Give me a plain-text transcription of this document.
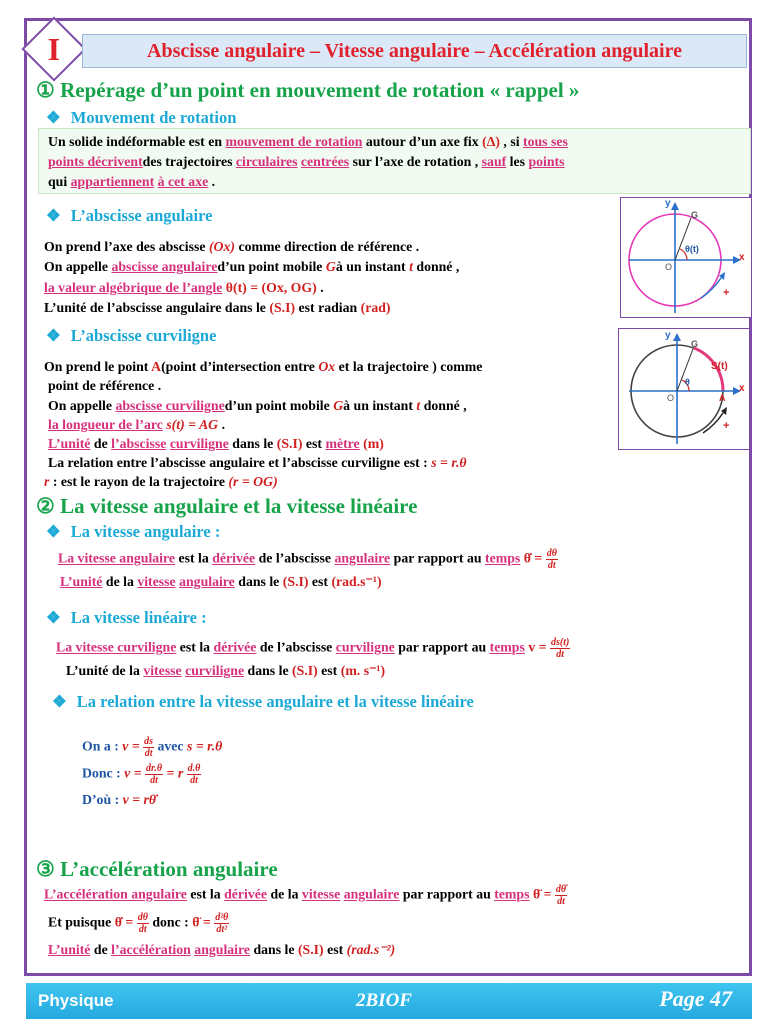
I	Abscisse angulaire – Vitesse angulaire – Accélération angulaire
① Repérage d’un point en mouvement de rotation « rappel »
❖ Mouvement de rotation
Un solide indéformable est en mouvement de rotation autour d’un axe fix (Δ) , si tous ses
points décriventdes trajectoires circulaires centrées sur l’axe de rotation , sauf les points
qui appartiennent à cet axe .
❖ L’abscisse angulaire
On prend l’axe des abscisse (Ox) comme direction de référence .
On appelle abscisse angulaired’un point mobile Gà un instant t donné ,
la valeur algébrique de l’angle θ(t) = (Ox, OG) .
L’unité de l’abscisse angulaire dans le (S.I) est radian (rad)
y
x
G
O
θ(t)
+
❖ L’abscisse curviligne
On prend le point A(point d’intersection entre Ox et la trajectoire ) comme
point de référence .
On appelle abscisse curviligned’un point mobile Gà un instant t donné ,
la longueur de l’arc s(t) = AG .
L’unité de l’abscisse curviligne dans le (S.I) est mètre (m)
La relation entre l’abscisse angulaire et l’abscisse curviligne est : s = r.θ
r : est le rayon de la trajectoire (r = OG)
y
x
G
O	A
θ
S(t)
+
② La vitesse angulaire et la vitesse linéaire
❖ La vitesse angulaire :
La vitesse angulaire est la dérivée de l’abscisse angulaire par rapport au temps θ̇ = $\frac{d\theta}{dt}$
L’unité de la vitesse angulaire dans le (S.I) est (rad.s⁻¹)
❖ La vitesse linéaire :
La vitesse curviligne est la dérivée de l’abscisse curviligne par rapport au temps $v = \frac{ds(t)}{dt}$
L’unité de la vitesse curviligne dans le (S.I) est (m. s⁻¹)
❖ La relation entre la vitesse angulaire et la vitesse linéaire
On a : $v = \frac{ds}{dt}$ avec s = r.θ
Donc : $v = \frac{dr.\theta}{dt} = r \frac{d.\theta}{dt}$
D’où : v = rθ̇
③ L’accélération angulaire
L’accélération angulaire est la dérivée de la vitesse angulaire par rapport au temps θ̈ = $\frac{d\thetȧ}{dt}$
Et puisque θ̇ = $\frac{d\theta}{dt}$ donc : θ̈ = $\frac{\text{d²θ}}{\text{dt²}}$
L’unité de l’accélération angulaire dans le (S.I) est (rad.s⁻²)
Physique	2BIOF	Page 47
